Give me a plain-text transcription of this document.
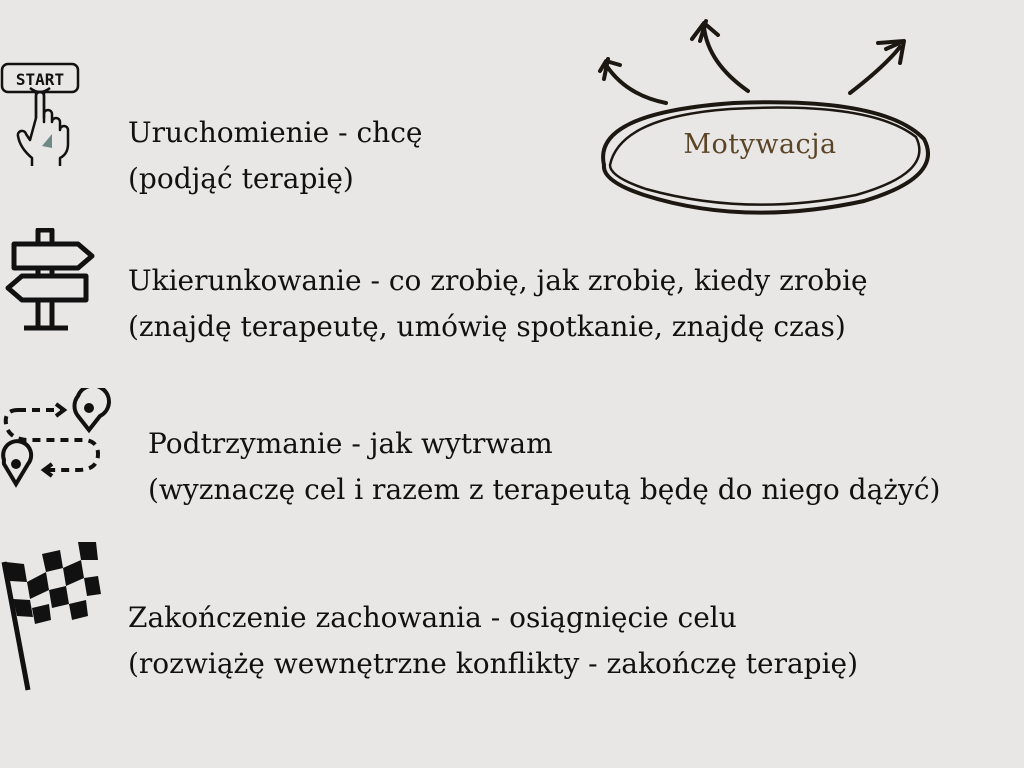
START
Motywacja
Uruchomienie - chcę
(podjąć terapię)
Ukierunkowanie - co zrobię, jak zrobię, kiedy zrobię
(znajdę terapeutę, umówię spotkanie, znajdę czas)
Podtrzymanie - jak wytrwam
(wyznaczę cel i razem z terapeutą będę do niego dążyć)
Zakończenie zachowania - osiągnięcie celu
(rozwiążę wewnętrzne konflikty - zakończę terapię)
